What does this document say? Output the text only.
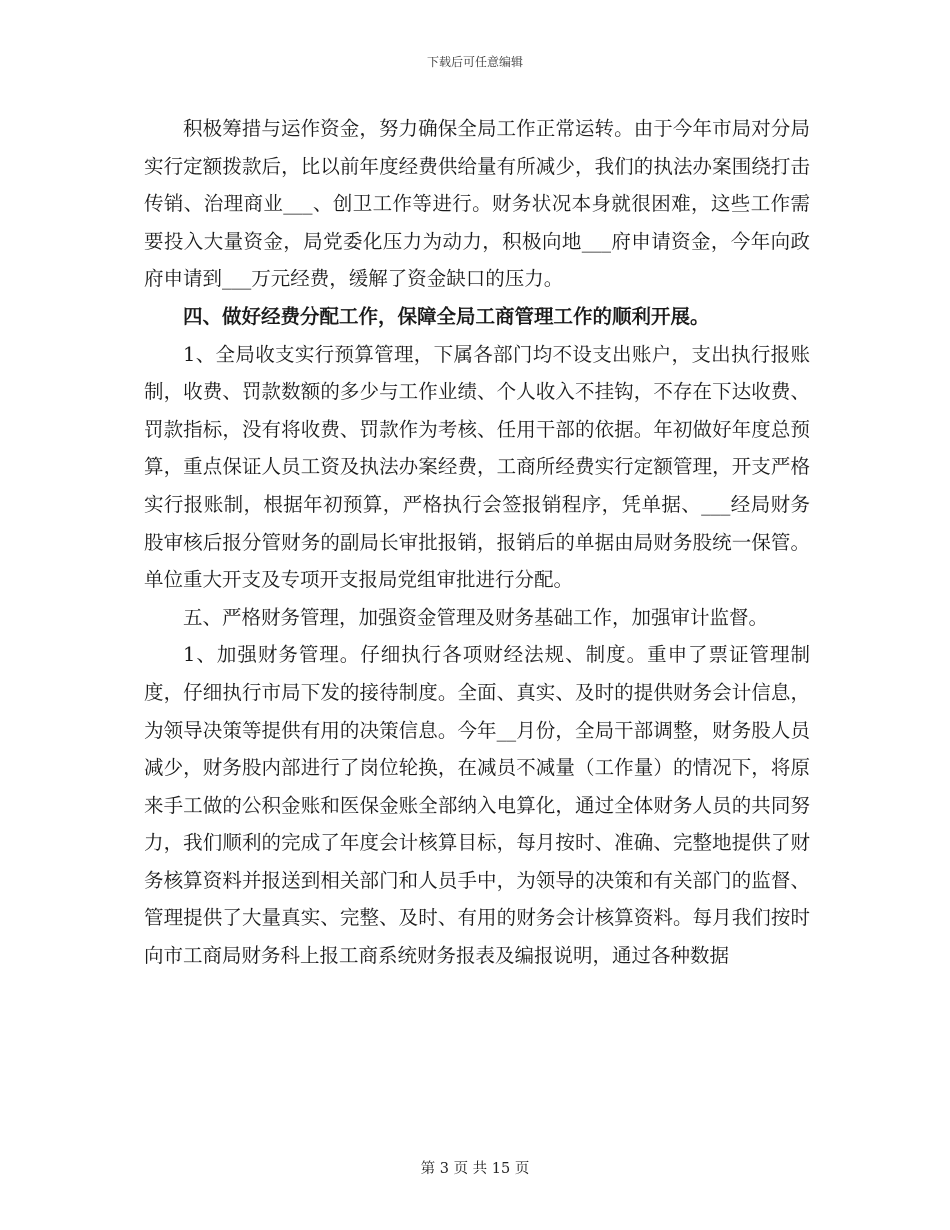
下载后可任意编辑

积极筹措与运作资金，努力确保全局工作正常运转。由于今年市局对分局实行定额拨款后，比以前年度经费供给量有所减少，我们的执法办案围绕打击传销、治理商业___、创卫工作等进行。财务状况本身就很困难，这些工作需要投入大量资金，局党委化压力为动力，积极向地___府申请资金，今年向政府申请到___万元经费，缓解了资金缺口的压力。

四、做好经费分配工作，保障全局工商管理工作的顺利开展。

1、全局收支实行预算管理，下属各部门均不设支出账户，支出执行报账制，收费、罚款数额的多少与工作业绩、个人收入不挂钩，不存在下达收费、罚款指标，没有将收费、罚款作为考核、任用干部的依据。年初做好年度总预算，重点保证人员工资及执法办案经费，工商所经费实行定额管理，开支严格实行报账制，根据年初预算，严格执行会签报销程序，凭单据、___经局财务股审核后报分管财务的副局长审批报销，报销后的单据由局财务股统一保管。单位重大开支及专项开支报局党组审批进行分配。

五、严格财务管理，加强资金管理及财务基础工作，加强审计监督。

1、加强财务管理。仔细执行各项财经法规、制度。重申了票证管理制度，仔细执行市局下发的接待制度。全面、真实、及时的提供财务会计信息，为领导决策等提供有用的决策信息。今年__月份，全局干部调整，财务股人员减少，财务股内部进行了岗位轮换，在减员不减量（工作量）的情况下，将原来手工做的公积金账和医保金账全部纳入电算化，通过全体财务人员的共同努力，我们顺利的完成了年度会计核算目标，每月按时、准确、完整地提供了财务核算资料并报送到相关部门和人员手中，为领导的决策和有关部门的监督、管理提供了大量真实、完整、及时、有用的财务会计核算资料。每月我们按时向市工商局财务科上报工商系统财务报表及编报说明，通过各种数据

第 3 页 共 15 页
